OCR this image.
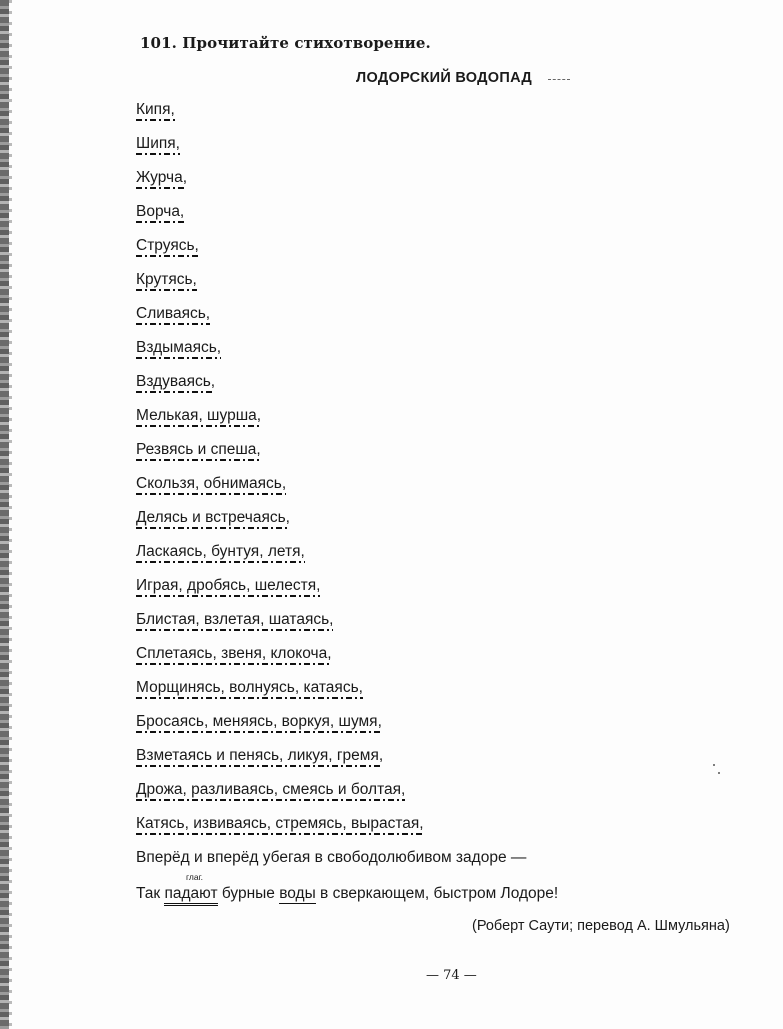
101. Прочитайте стихотворение.
ЛОДОРСКИЙ ВОДОПАД
Кипя,
Шипя,
Журча,
Ворча,
Струясь,
Крутясь,
Сливаясь,
Вздымаясь,
Вздуваясь,
Мелькая, шурша,
Резвясь и спеша,
Скользя, обнимаясь,
Делясь и встречаясь,
Ласкаясь, бунтуя, летя,
Играя, дробясь, шелестя,
Блистая, взлетая, шатаясь,
Сплетаясь, звеня, клокоча,
Морщинясь, волнуясь, катаясь,
Бросаясь, меняясь, воркуя, шумя,
Взметаясь и пенясь, ликуя, гремя,
Дрожа, разливаясь, смеясь и болтая,
Катясь, извиваясь, стремясь, вырастая,
Вперёд и вперёд убегая в свободолюбивом задоре —
глаг.
Так падают бурные воды в сверкающем, быстром Лодоре!
(Роберт Саути; перевод А. Шмульяна)
— 74 —
